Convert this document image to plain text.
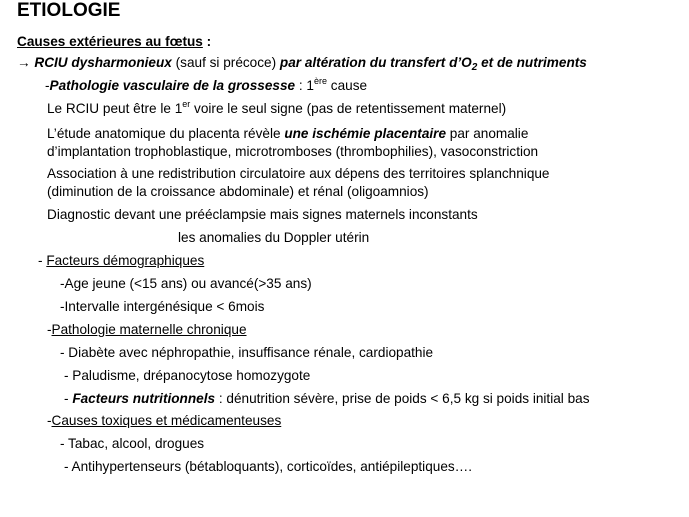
ETIOLOGIE
Causes extérieures au fœtus :
→ RCIU dysharmonieux (sauf si précoce) par altération du transfert $d’O_2$ et de nutriments
-Pathologie vasculaire de la grossesse : 1ère cause
Le RCIU peut être le 1er voire le seul signe (pas de retentissement maternel)
L’étude anatomique du placenta révèle une ischémie placentaire par anomalie
d’implantation trophoblastique, microtromboses (thrombophilies), vasoconstriction
Association à une redistribution circulatoire aux dépens des territoires splanchnique
(diminution de la croissance abdominale) et rénal (oligoamnios)
Diagnostic devant une prééclampsie mais signes maternels inconstants
les anomalies du Doppler utérin
- Facteurs démographiques
-Age jeune (<15 ans) ou avancé(>35 ans)
-Intervalle intergénésique < 6mois
-Pathologie maternelle chronique
- Diabète avec néphropathie, insuffisance rénale, cardiopathie
- Paludisme, drépanocytose homozygote
- Facteurs nutritionnels : dénutrition sévère, prise de poids < 6,5 kg si poids initial bas
-Causes toxiques et médicamenteuses
- Tabac, alcool, drogues
- Antihypertenseurs (bétabloquants), corticoïdes, antiépileptiques….
